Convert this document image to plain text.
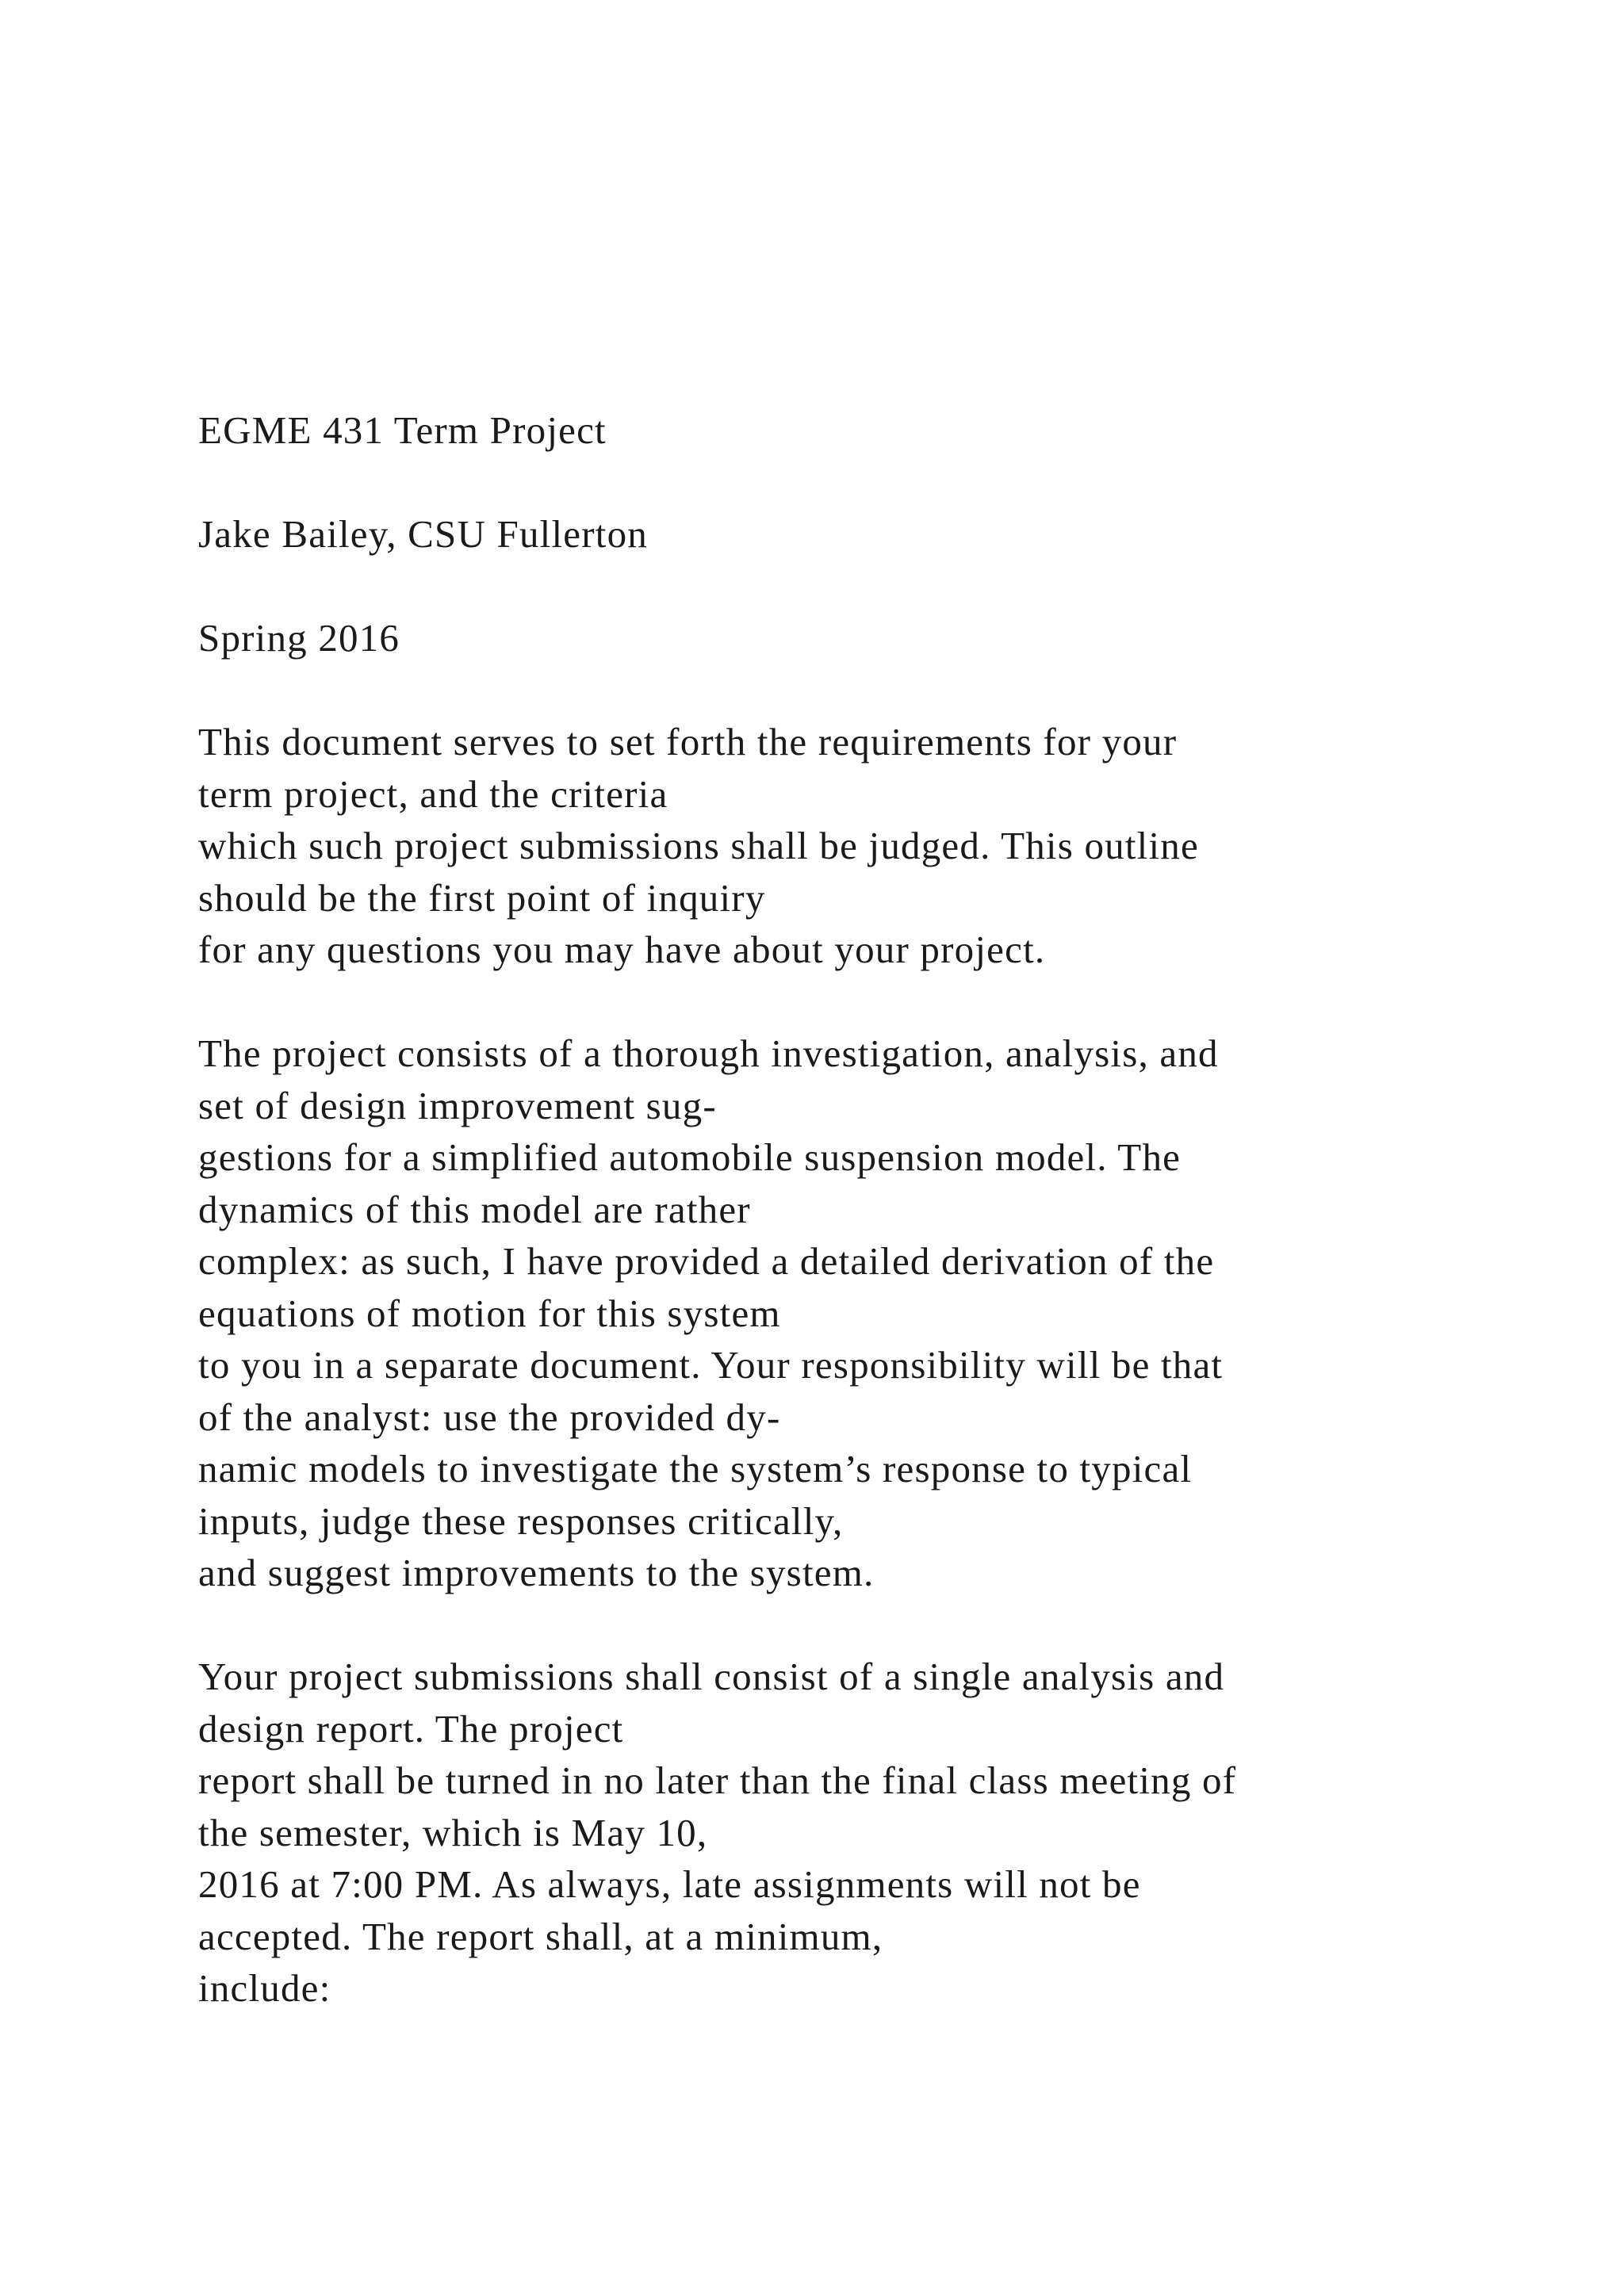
EGME 431 Term Project
Jake Bailey, CSU Fullerton
Spring 2016
This document serves to set forth the requirements for your
term project, and the criteria
which such project submissions shall be judged. This outline
should be the first point of inquiry
for any questions you may have about your project.
The project consists of a thorough investigation, analysis, and
set of design improvement sug-
gestions for a simplified automobile suspension model. The
dynamics of this model are rather
complex: as such, I have provided a detailed derivation of the
equations of motion for this system
to you in a separate document. Your responsibility will be that
of the analyst: use the provided dy-
namic models to investigate the system’s response to typical
inputs, judge these responses critically,
and suggest improvements to the system.
Your project submissions shall consist of a single analysis and
design report. The project
report shall be turned in no later than the final class meeting of
the semester, which is May 10,
2016 at 7:00 PM. As always, late assignments will not be
accepted. The report shall, at a minimum,
include:
